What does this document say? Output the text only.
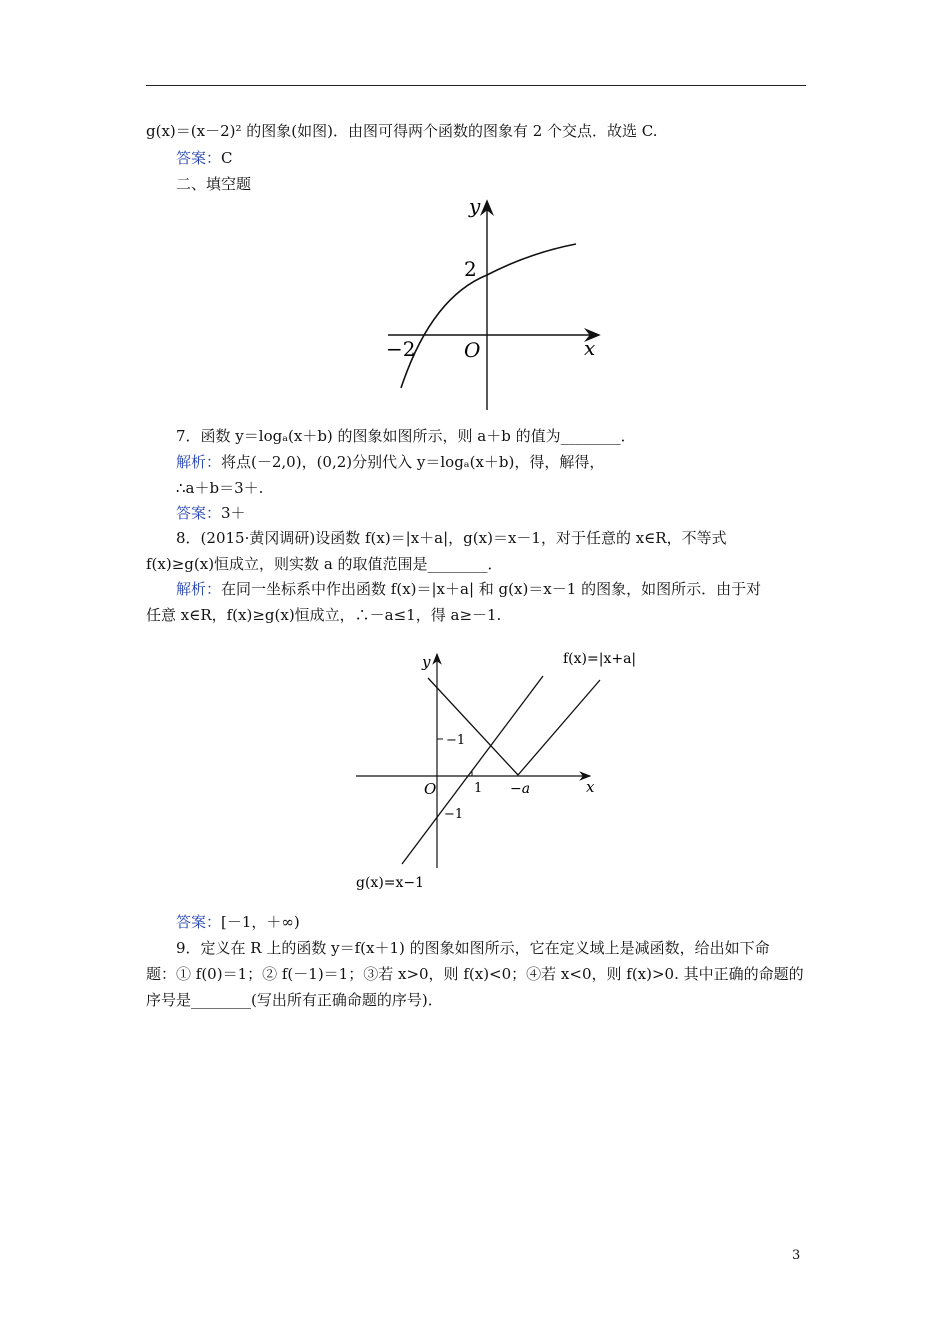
g(x)＝(x－2)² 的图象(如图)．由图可得两个函数的图象有 2 个交点．故选 C.
答案：C
二、填空题
y
x
2
−2 O
7．函数 y＝logₐ(x＋b) 的图象如图所示，则 a＋b 的值为________．
解析：将点(－2,0)，(0,2)分别代入 y＝logₐ(x＋b)，得，解得，
∴a＋b＝3＋.
答案：3＋
8．(2015·黄冈调研)设函数 f(x)＝|x＋a|，g(x)＝x－1，对于任意的 x∈R，不等式
f(x)≥g(x)恒成立，则实数 a 的取值范围是________．
解析：在同一坐标系中作出函数 f(x)＝|x＋a| 和 g(x)＝x－1 的图象，如图所示．由于对
任意 x∈R，f(x)≥g(x)恒成立，∴－a≤1，得 a≥－1.
y
x
O
−1
−1
1 −a
f(x)=|x+a|
g(x)=x−1
答案：[－1，＋∞)
9．定义在 R 上的函数 y＝f(x＋1) 的图象如图所示，它在定义域上是减函数，给出如下命
题：① f(0)＝1；② f(－1)＝1；③若 x>0，则 f(x)<0；④若 x<0，则 f(x)>0. 其中正确的命题的
序号是________(写出所有正确命题的序号)．
3
